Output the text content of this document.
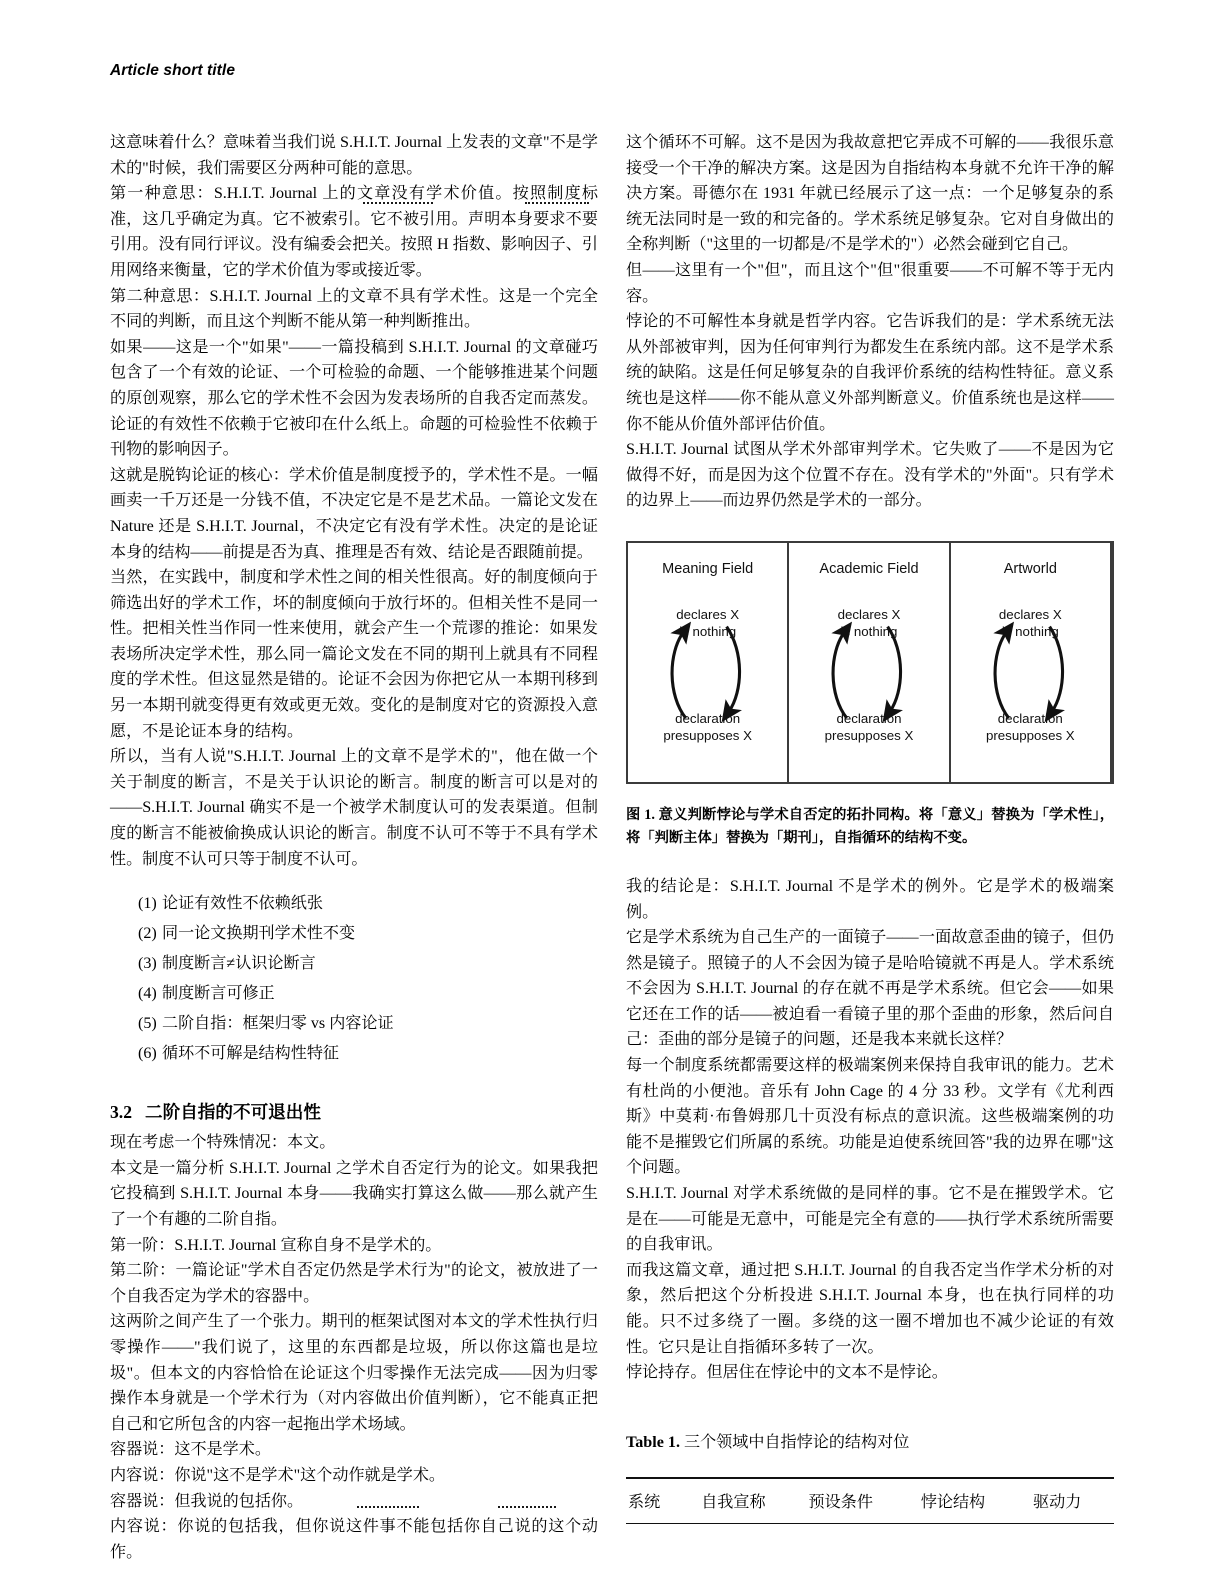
Article short title

这意味着什么？意味着当我们说 S.H.I.T. Journal 上发表的文章"不是学术的"时候，我们需要区分两种可能的意思。

第一种意思：S.H.I.T. Journal 上的文章没有学术价值。按照制度标准，这几乎确定为真。它不被索引。它不被引用。声明本身要求不要引用。没有同行评议。没有编委会把关。按照 H 指数、影响因子、引用网络来衡量，它的学术价值为零或接近零。

第二种意思：S.H.I.T. Journal 上的文章不具有学术性。这是一个完全不同的判断，而且这个判断不能从第一种判断推出。

如果——这是一个"如果"——一篇投稿到 S.H.I.T. Journal 的文章碰巧包含了一个有效的论证、一个可检验的命题、一个能够推进某个问题的原创观察，那么它的学术性不会因为发表场所的自我否定而蒸发。论证的有效性不依赖于它被印在什么纸上。命题的可检验性不依赖于刊物的影响因子。

这就是脱钩论证的核心：学术价值是制度授予的，学术性不是。一幅画卖一千万还是一分钱不值，不决定它是不是艺术品。一篇论文发在 Nature 还是 S.H.I.T. Journal，不决定它有没有学术性。决定的是论证本身的结构——前提是否为真、推理是否有效、结论是否跟随前提。

当然，在实践中，制度和学术性之间的相关性很高。好的制度倾向于筛选出好的学术工作，坏的制度倾向于放行坏的。但相关性不是同一性。把相关性当作同一性来使用，就会产生一个荒谬的推论：如果发表场所决定学术性，那么同一篇论文发在不同的期刊上就具有不同程度的学术性。但这显然是错的。论证不会因为你把它从一本期刊移到另一本期刊就变得更有效或更无效。变化的是制度对它的资源投入意愿，不是论证本身的结构。

所以，当有人说"S.H.I.T. Journal 上的文章不是学术的"，他在做一个关于制度的断言，不是关于认识论的断言。制度的断言可以是对的——S.H.I.T. Journal 确实不是一个被学术制度认可的发表渠道。但制度的断言不能被偷换成认识论的断言。制度不认可不等于不具有学术性。制度不认可只等于制度不认可。

(1) 论证有效性不依赖纸张
(2) 同一论文换期刊学术性不变
(3) 制度断言≠认识论断言
(4) 制度断言可修正
(5) 二阶自指：框架归零 vs 内容论证
(6) 循环不可解是结构性特征
3.2 二阶自指的不可退出性

现在考虑一个特殊情况：本文。

本文是一篇分析 S.H.I.T. Journal 之学术自否定行为的论文。如果我把它投稿到 S.H.I.T. Journal 本身——我确实打算这么做——那么就产生了一个有趣的二阶自指。

第一阶：S.H.I.T. Journal 宣称自身不是学术的。

第二阶：一篇论证"学术自否定仍然是学术行为"的论文，被放进了一个自我否定为学术的容器中。

这两阶之间产生了一个张力。期刊的框架试图对本文的学术性执行归零操作——"我们说了，这里的东西都是垃圾，所以你这篇也是垃圾"。但本文的内容恰恰在论证这个归零操作无法完成——因为归零操作本身就是一个学术行为（对内容做出价值判断），它不能真正把自己和它所包含的内容一起拖出学术场域。

容器说：这不是学术。

内容说：你说"这不是学术"这个动作就是学术。

容器说：但我说的包括你。

内容说：你说的包括我，但你说这件事不能包括你自己说的这个动作。

这个循环不可解。这不是因为我故意把它弄成不可解的——我很乐意接受一个干净的解决方案。这是因为自指结构本身就不允许干净的解决方案。哥德尔在 1931 年就已经展示了这一点：一个足够复杂的系统无法同时是一致的和完备的。学术系统足够复杂。它对自身做出的全称判断（"这里的一切都是/不是学术的"）必然会碰到它自己。

但——这里有一个"但"，而且这个"但"很重要——不可解不等于无内容。

悖论的不可解性本身就是哲学内容。它告诉我们的是：学术系统无法从外部被审判，因为任何审判行为都发生在系统内部。这不是学术系统的缺陷。这是任何足够复杂的自我评价系统的结构性特征。意义系统也是这样——你不能从意义外部判断意义。价值系统也是这样——你不能从价值外部评估价值。

S.H.I.T. Journal 试图从学术外部审判学术。它失败了——不是因为它做得不好，而是因为这个位置不存在。没有学术的"外面"。只有学术的边界上——而边界仍然是学术的一部分。

Meaning Field
declares X
is nothing
declaration
presupposes X
Academic Field
declares X
is nothing
declaration
presupposes X
Artworld
declares X
is nothing
declaration
presupposes X
图 1. 意义判断悖论与学术自否定的拓扑同构。将「意义」替换为「学术性」，将「判断主体」替换为「期刊」，自指循环的结构不变。

我的结论是：S.H.I.T. Journal 不是学术的例外。它是学术的极端案例。

它是学术系统为自己生产的一面镜子——一面故意歪曲的镜子，但仍然是镜子。照镜子的人不会因为镜子是哈哈镜就不再是人。学术系统不会因为 S.H.I.T. Journal 的存在就不再是学术系统。但它会——如果它还在工作的话——被迫看一看镜子里的那个歪曲的形象，然后问自己：歪曲的部分是镜子的问题，还是我本来就长这样？

每一个制度系统都需要这样的极端案例来保持自我审讯的能力。艺术有杜尚的小便池。音乐有 John Cage 的 4 分 33 秒。文学有《尤利西斯》中莫莉·布鲁姆那几十页没有标点的意识流。这些极端案例的功能不是摧毁它们所属的系统。功能是迫使系统回答"我的边界在哪"这个问题。

S.H.I.T. Journal 对学术系统做的是同样的事。它不是在摧毁学术。它是在——可能是无意中，可能是完全有意的——执行学术系统所需要的自我审讯。

而我这篇文章，通过把 S.H.I.T. Journal 的自我否定当作学术分析的对象，然后把这个分析投进 S.H.I.T. Journal 本身，也在执行同样的功能。只不过多绕了一圈。多绕的这一圈不增加也不减少论证的有效性。它只是让自指循环多转了一次。

悖论持存。但居住在悖论中的文本不是悖论。

Table 1. 三个领域中自指悖论的结构对位
系统	自我宣称	预设条件	悖论结构	驱动力
